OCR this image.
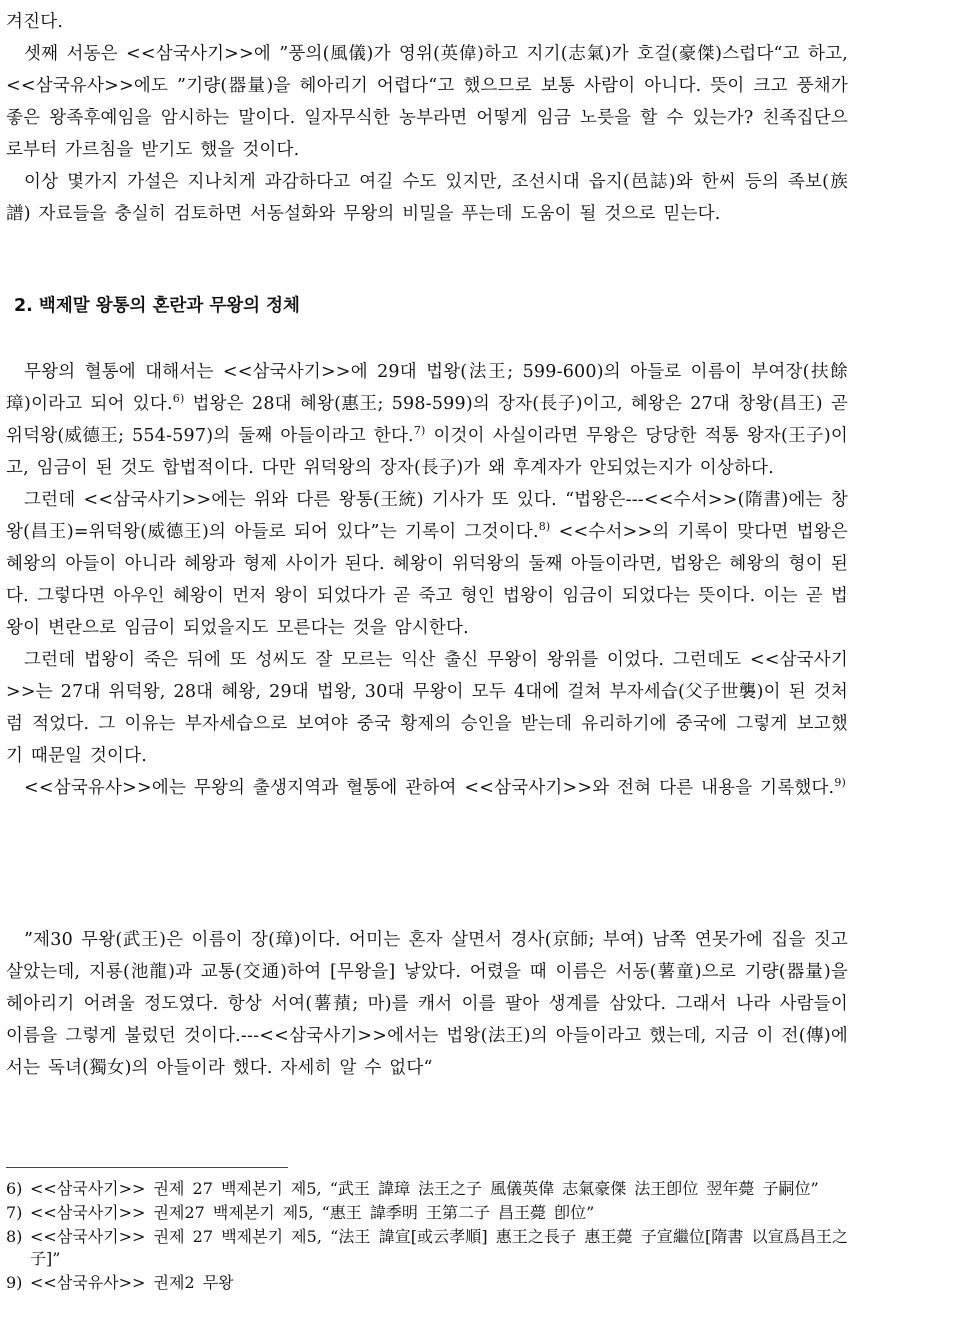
겨진다.

셋째 서동은 <<삼국사기>>에 ”풍의(風儀)가 영위(英偉)하고 지기(志氣)가 호걸(豪傑)스럽다“고 하고, <<삼국유사>>에도 ”기량(器量)을 헤아리기 어렵다“고 했으므로 보통 사람이 아니다. 뜻이 크고 풍채가 좋은 왕족후예임을 암시하는 말이다. 일자무식한 농부라면 어떻게 임금 노릇을 할 수 있는가? 친족집단으로부터 가르침을 받기도 했을 것이다.

이상 몇가지 가설은 지나치게 과감하다고 여길 수도 있지만, 조선시대 읍지(邑誌)와 한씨 등의 족보(族譜) 자료들을 충실히 검토하면 서동설화와 무왕의 비밀을 푸는데 도움이 될 것으로 믿는다.

2. 백제말 왕통의 혼란과 무왕의 정체

무왕의 혈통에 대해서는 <<삼국사기>>에 29대 법왕(法王; 599-600)의 아들로 이름이 부여장(扶餘璋)이라고 되어 있다.$^{6)}$ 법왕은 28대 혜왕(惠王; 598-599)의 장자(長子)이고, 혜왕은 27대 창왕(昌王) 곧 위덕왕(威德王; 554-597)의 둘째 아들이라고 한다.$^{7)}$ 이것이 사실이라면 무왕은 당당한 적통 왕자(王子)이고, 임금이 된 것도 합법적이다. 다만 위덕왕의 장자(長子)가 왜 후계자가 안되었는지가 이상하다.

그런데 <<삼국사기>>에는 위와 다른 왕통(王統) 기사가 또 있다. “법왕은---<<수서>>(隋書)에는 창왕(昌王)=위덕왕(威德王)의 아들로 되어 있다”는 기록이 그것이다.$^{8)}$ <<수서>>의 기록이 맞다면 법왕은 혜왕의 아들이 아니라 혜왕과 형제 사이가 된다. 혜왕이 위덕왕의 둘째 아들이라면, 법왕은 혜왕의 형이 된다. 그렇다면 아우인 혜왕이 먼저 왕이 되었다가 곧 죽고 형인 법왕이 임금이 되었다는 뜻이다. 이는 곧 법왕이 변란으로 임금이 되었을지도 모른다는 것을 암시한다.

그런데 법왕이 죽은 뒤에 또 성씨도 잘 모르는 익산 출신 무왕이 왕위를 이었다. 그런데도 <<삼국사기>>는 27대 위덕왕, 28대 혜왕, 29대 법왕, 30대 무왕이 모두 4대에 걸쳐 부자세습(父子世襲)이 된 것처럼 적었다. 그 이유는 부자세습으로 보여야 중국 황제의 승인을 받는데 유리하기에 중국에 그렇게 보고했기 때문일 것이다.

<<삼국유사>>에는 무왕의 출생지역과 혈통에 관하여 <<삼국사기>>와 전혀 다른 내용을 기록했다.$^{9)}$

”제30 무왕(武王)은 이름이 장(璋)이다. 어미는 혼자 살면서 경사(京師; 부여) 남쪽 연못가에 집을 짓고 살았는데, 지룡(池龍)과 교통(交通)하여 [무왕을] 낳았다. 어렸을 때 이름은 서동(薯童)으로 기량(器量)을 헤아리기 어려울 정도였다. 항상 서여(薯蕷; 마)를 캐서 이를 팔아 생계를 삼았다. 그래서 나라 사람들이 이름을 그렇게 불렀던 것이다.---<<삼국사기>>에서는 법왕(法王)의 아들이라고 했는데, 지금 이 전(傳)에서는 독녀(獨女)의 아들이라 했다. 자세히 알 수 없다“

6) <<삼국사기>> 권제 27 백제본기 제5, “武王 諱璋 法王之子 風儀英偉 志氣豪傑 法王卽位 翌年薨 子嗣位”
7) <<삼국사기>> 권제27 백제본기 제5, “惠王 諱季明 王第二子 昌王薨 卽位”
8) <<삼국사기>> 권제 27 백제본기 제5, “法王 諱宣[或云孝順] 惠王之長子 惠王薨 子宣繼位[隋書 以宣爲昌王之子]”
9) <<삼국유사>> 권제2 무왕
